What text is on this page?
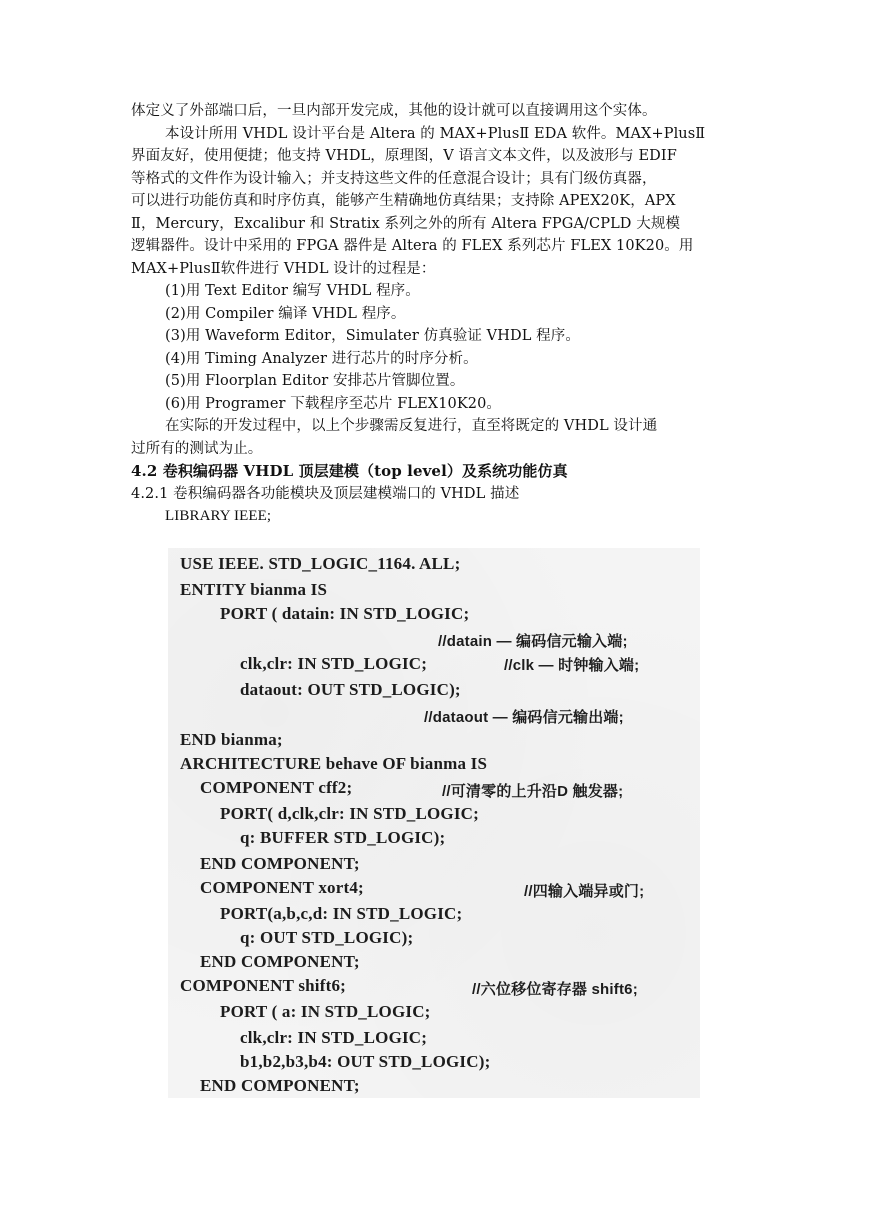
体定义了外部端口后，一旦内部开发完成，其他的设计就可以直接调用这个实体。
本设计所用 VHDL 设计平台是 Altera 的 MAX+PlusⅡ EDA 软件。MAX+PlusⅡ
界面友好，使用便捷；他支持 VHDL，原理图，V 语言文本文件，以及波形与 EDIF
等格式的文件作为设计输入；并支持这些文件的任意混合设计；具有门级仿真器，
可以进行功能仿真和时序仿真，能够产生精确地仿真结果；支持除 APEX20K，APX
Ⅱ，Mercury，Excalibur 和 Stratix 系列之外的所有 Altera FPGA/CPLD 大规模
逻辑器件。设计中采用的 FPGA 器件是 Altera 的 FLEX 系列芯片 FLEX 10K20。用
MAX+PlusⅡ软件进行 VHDL 设计的过程是：
(1)用 Text Editor 编写 VHDL 程序。
(2)用 Compiler 编译 VHDL 程序。
(3)用 Waveform Editor，Simulater 仿真验证 VHDL 程序。
(4)用 Timing Analyzer 进行芯片的时序分析。
(5)用 Floorplan Editor 安排芯片管脚位置。
(6)用 Programer 下载程序至芯片 FLEX10K20。
在实际的开发过程中，以上个步骤需反复进行，直至将既定的 VHDL 设计通
过所有的测试为止。
4.2 卷积编码器 VHDL 顶层建模（top level）及系统功能仿真
4.2.1 卷积编码器各功能模块及顶层建模端口的 VHDL 描述
LIBRARY IEEE;
USE IEEE. STD_LOGIC_1164. ALL;
ENTITY bianma IS
PORT ( datain: IN STD_LOGIC;
//datain — 编码信元输入端;
clk,clr: IN STD_LOGIC;	//clk — 时钟输入端;
dataout: OUT STD_LOGIC);
//dataout — 编码信元输出端;
END bianma;
ARCHITECTURE behave OF bianma IS
COMPONENT cff2;	//可清零的上升沿D 触发器;
PORT( d,clk,clr: IN STD_LOGIC;
q: BUFFER STD_LOGIC);
END COMPONENT;
COMPONENT xort4;	//四输入端异或门;
PORT(a,b,c,d: IN STD_LOGIC;
q: OUT STD_LOGIC);
END COMPONENT;
COMPONENT shift6;	//六位移位寄存器 shift6;
PORT ( a: IN STD_LOGIC;
clk,clr: IN STD_LOGIC;
b1,b2,b3,b4: OUT STD_LOGIC);
END COMPONENT;
